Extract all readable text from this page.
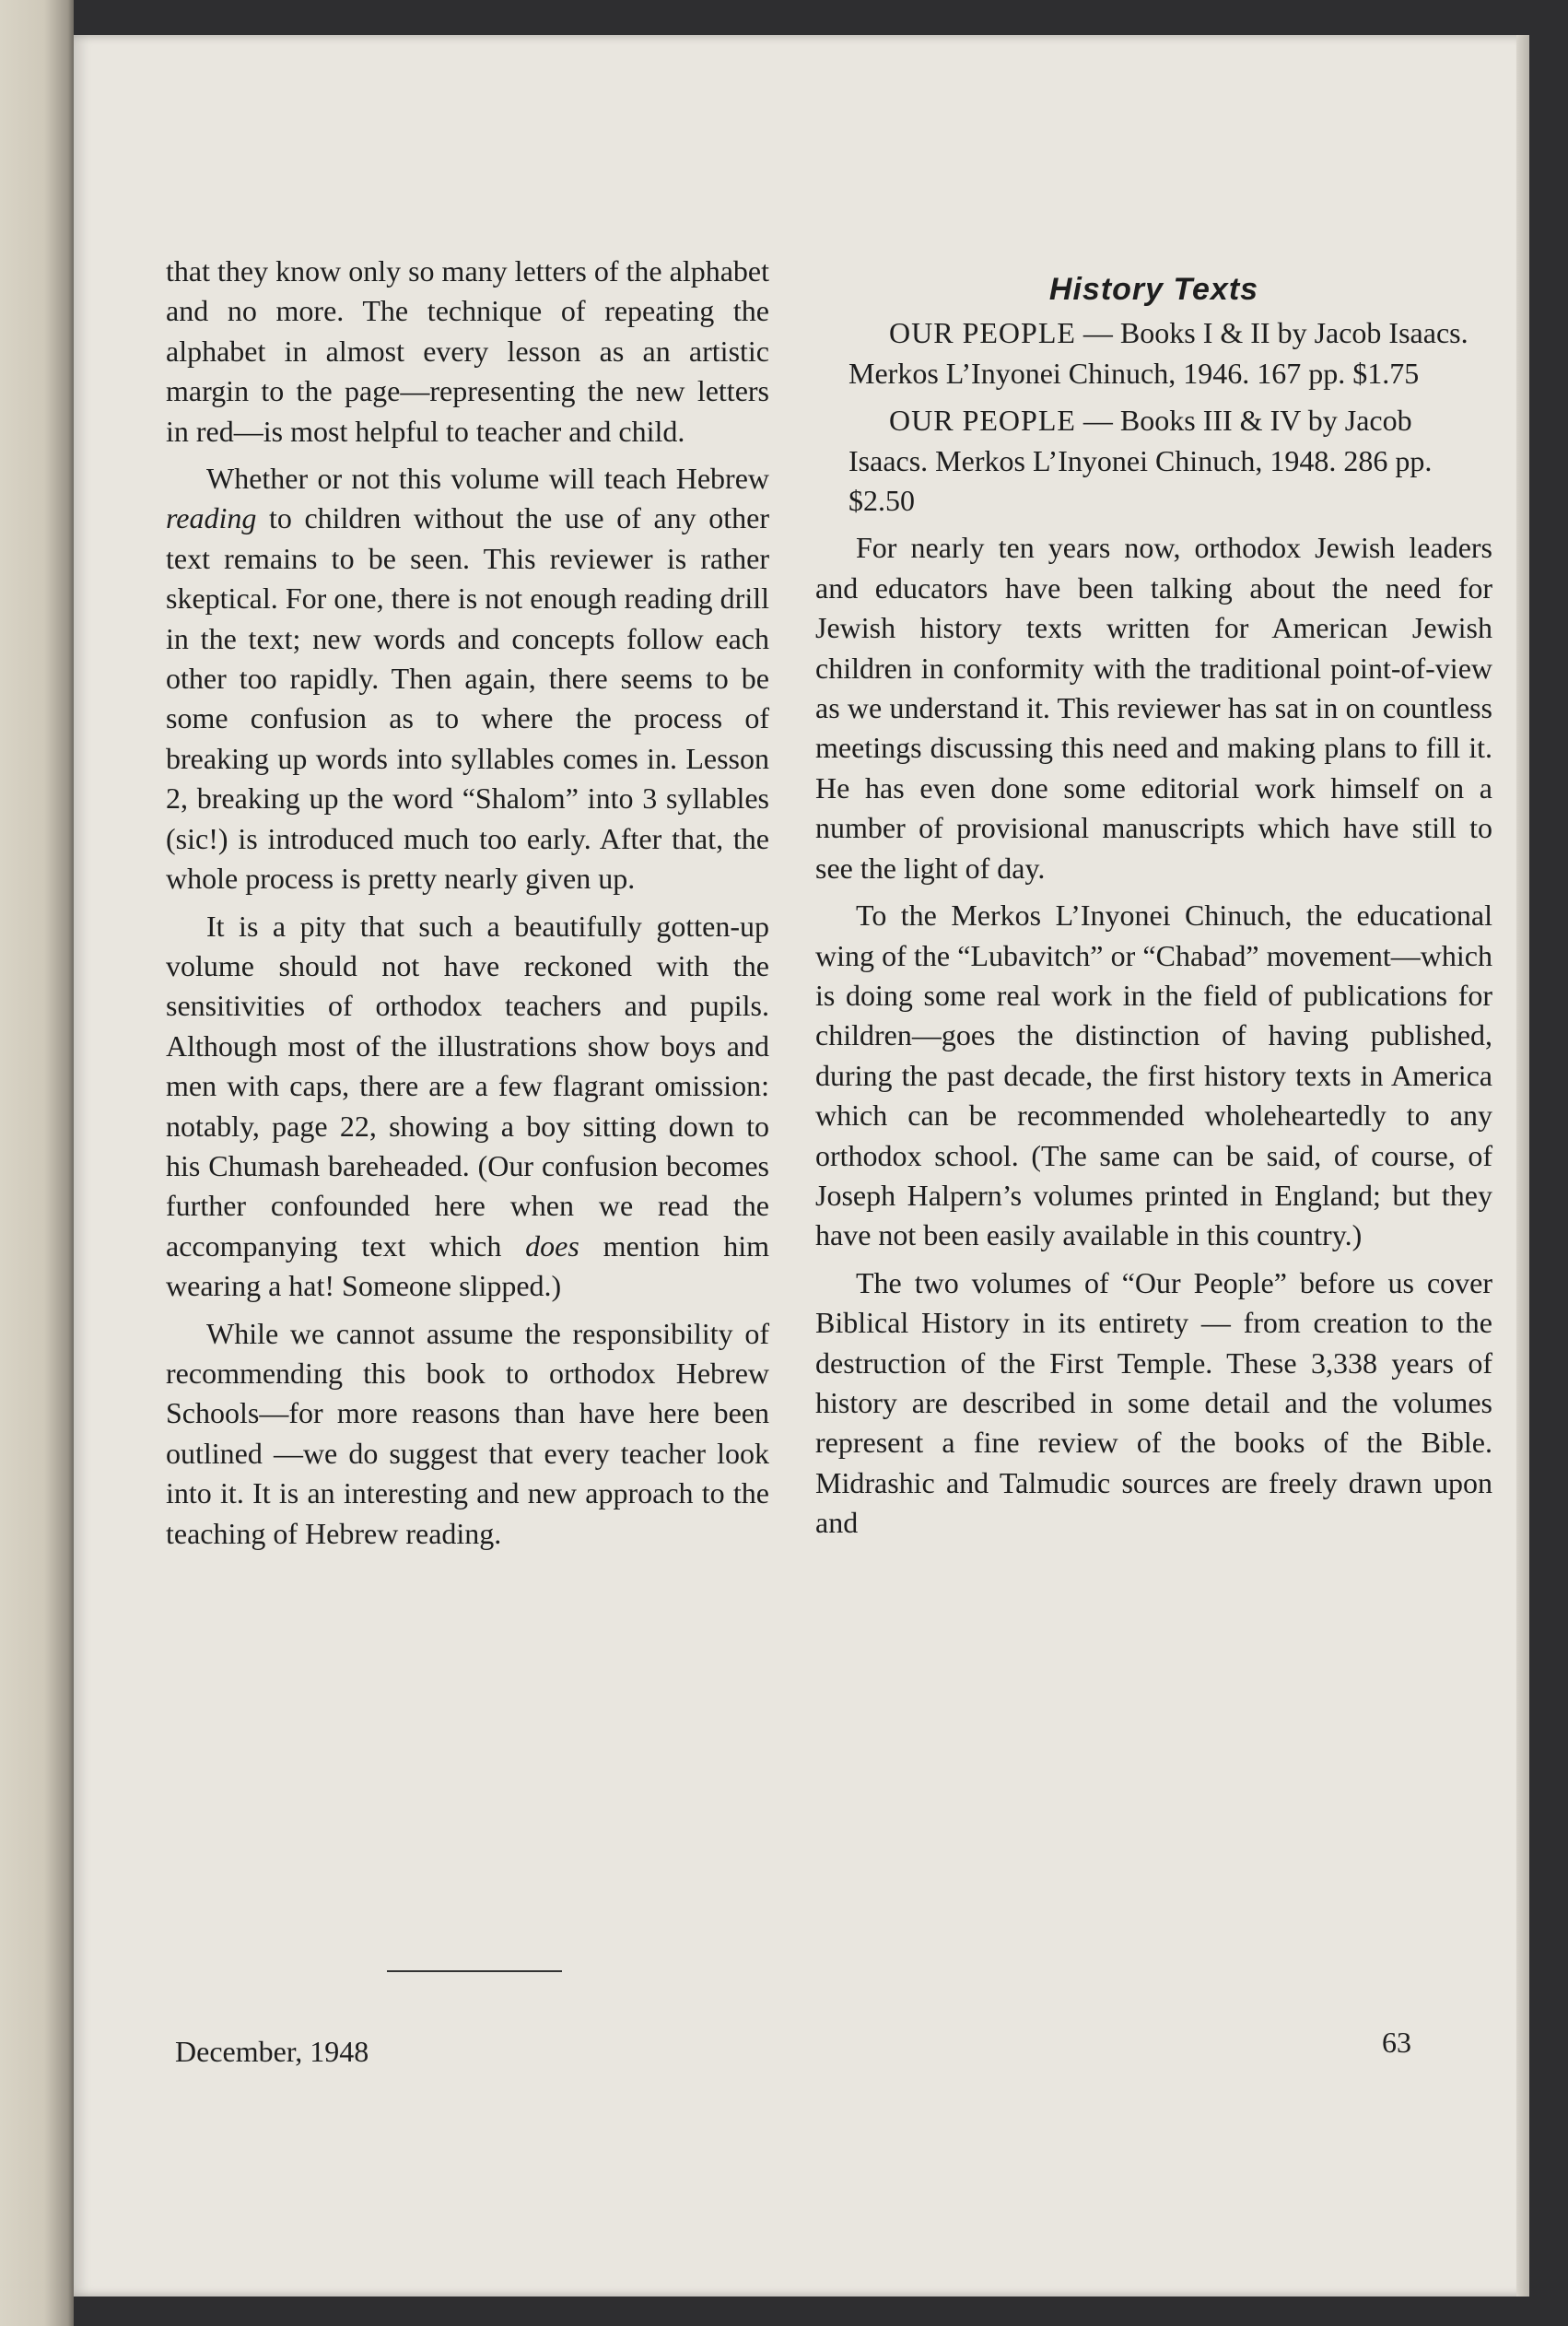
that they know only so many letters of the alphabet and no more. The technique of repeating the alphabet in almost every lesson as an artistic margin to the page—representing the new letters in red—is most helpful to teacher and child.

Whether or not this volume will teach Hebrew reading to children without the use of any other text remains to be seen. This reviewer is rather skeptical. For one, there is not enough reading drill in the text; new words and concepts follow each other too rapidly. Then again, there seems to be some confusion as to where the process of breaking up words into syllables comes in. Lesson 2, breaking up the word “Shalom” into 3 syllables (sic!) is introduced much too early. After that, the whole process is pretty nearly given up.

It is a pity that such a beautifully gotten-up volume should not have reckoned with the sensitivities of orthodox teachers and pupils. Although most of the illustrations show boys and men with caps, there are a few flagrant omission: notably, page 22, showing a boy sitting down to his Chumash bareheaded. (Our confusion becomes further confounded here when we read the accompanying text which does mention him wearing a hat! Someone slipped.)

While we cannot assume the responsibility of recommending this book to orthodox Hebrew Schools—for more reasons than have here been outlined —we do suggest that every teacher look into it. It is an interesting and new approach to the teaching of Hebrew reading.

History Texts

OUR PEOPLE — Books I & II by Jacob Isaacs. Merkos L’Inyonei Chinuch, 1946. 167 pp. $1.75

OUR PEOPLE — Books III & IV by Jacob Isaacs. Merkos L’Inyonei Chinuch, 1948. 286 pp. $2.50

For nearly ten years now, orthodox Jewish leaders and educators have been talking about the need for Jewish history texts written for American Jewish children in conformity with the traditional point-of-view as we understand it. This reviewer has sat in on countless meetings discussing this need and making plans to fill it. He has even done some editorial work himself on a number of provisional manuscripts which have still to see the light of day.

To the Merkos L’Inyonei Chinuch, the educational wing of the “Lubavitch” or “Chabad” movement—which is doing some real work in the field of publications for children—goes the distinction of having published, during the past decade, the first history texts in America which can be recommended wholeheartedly to any orthodox school. (The same can be said, of course, of Joseph Halpern’s volumes printed in England; but they have not been easily available in this country.)

The two volumes of “Our People” before us cover Biblical History in its entirety — from creation to the destruction of the First Temple. These 3,338 years of history are described in some detail and the volumes represent a fine review of the books of the Bible. Midrashic and Talmudic sources are freely drawn upon and

December, 1948	63
